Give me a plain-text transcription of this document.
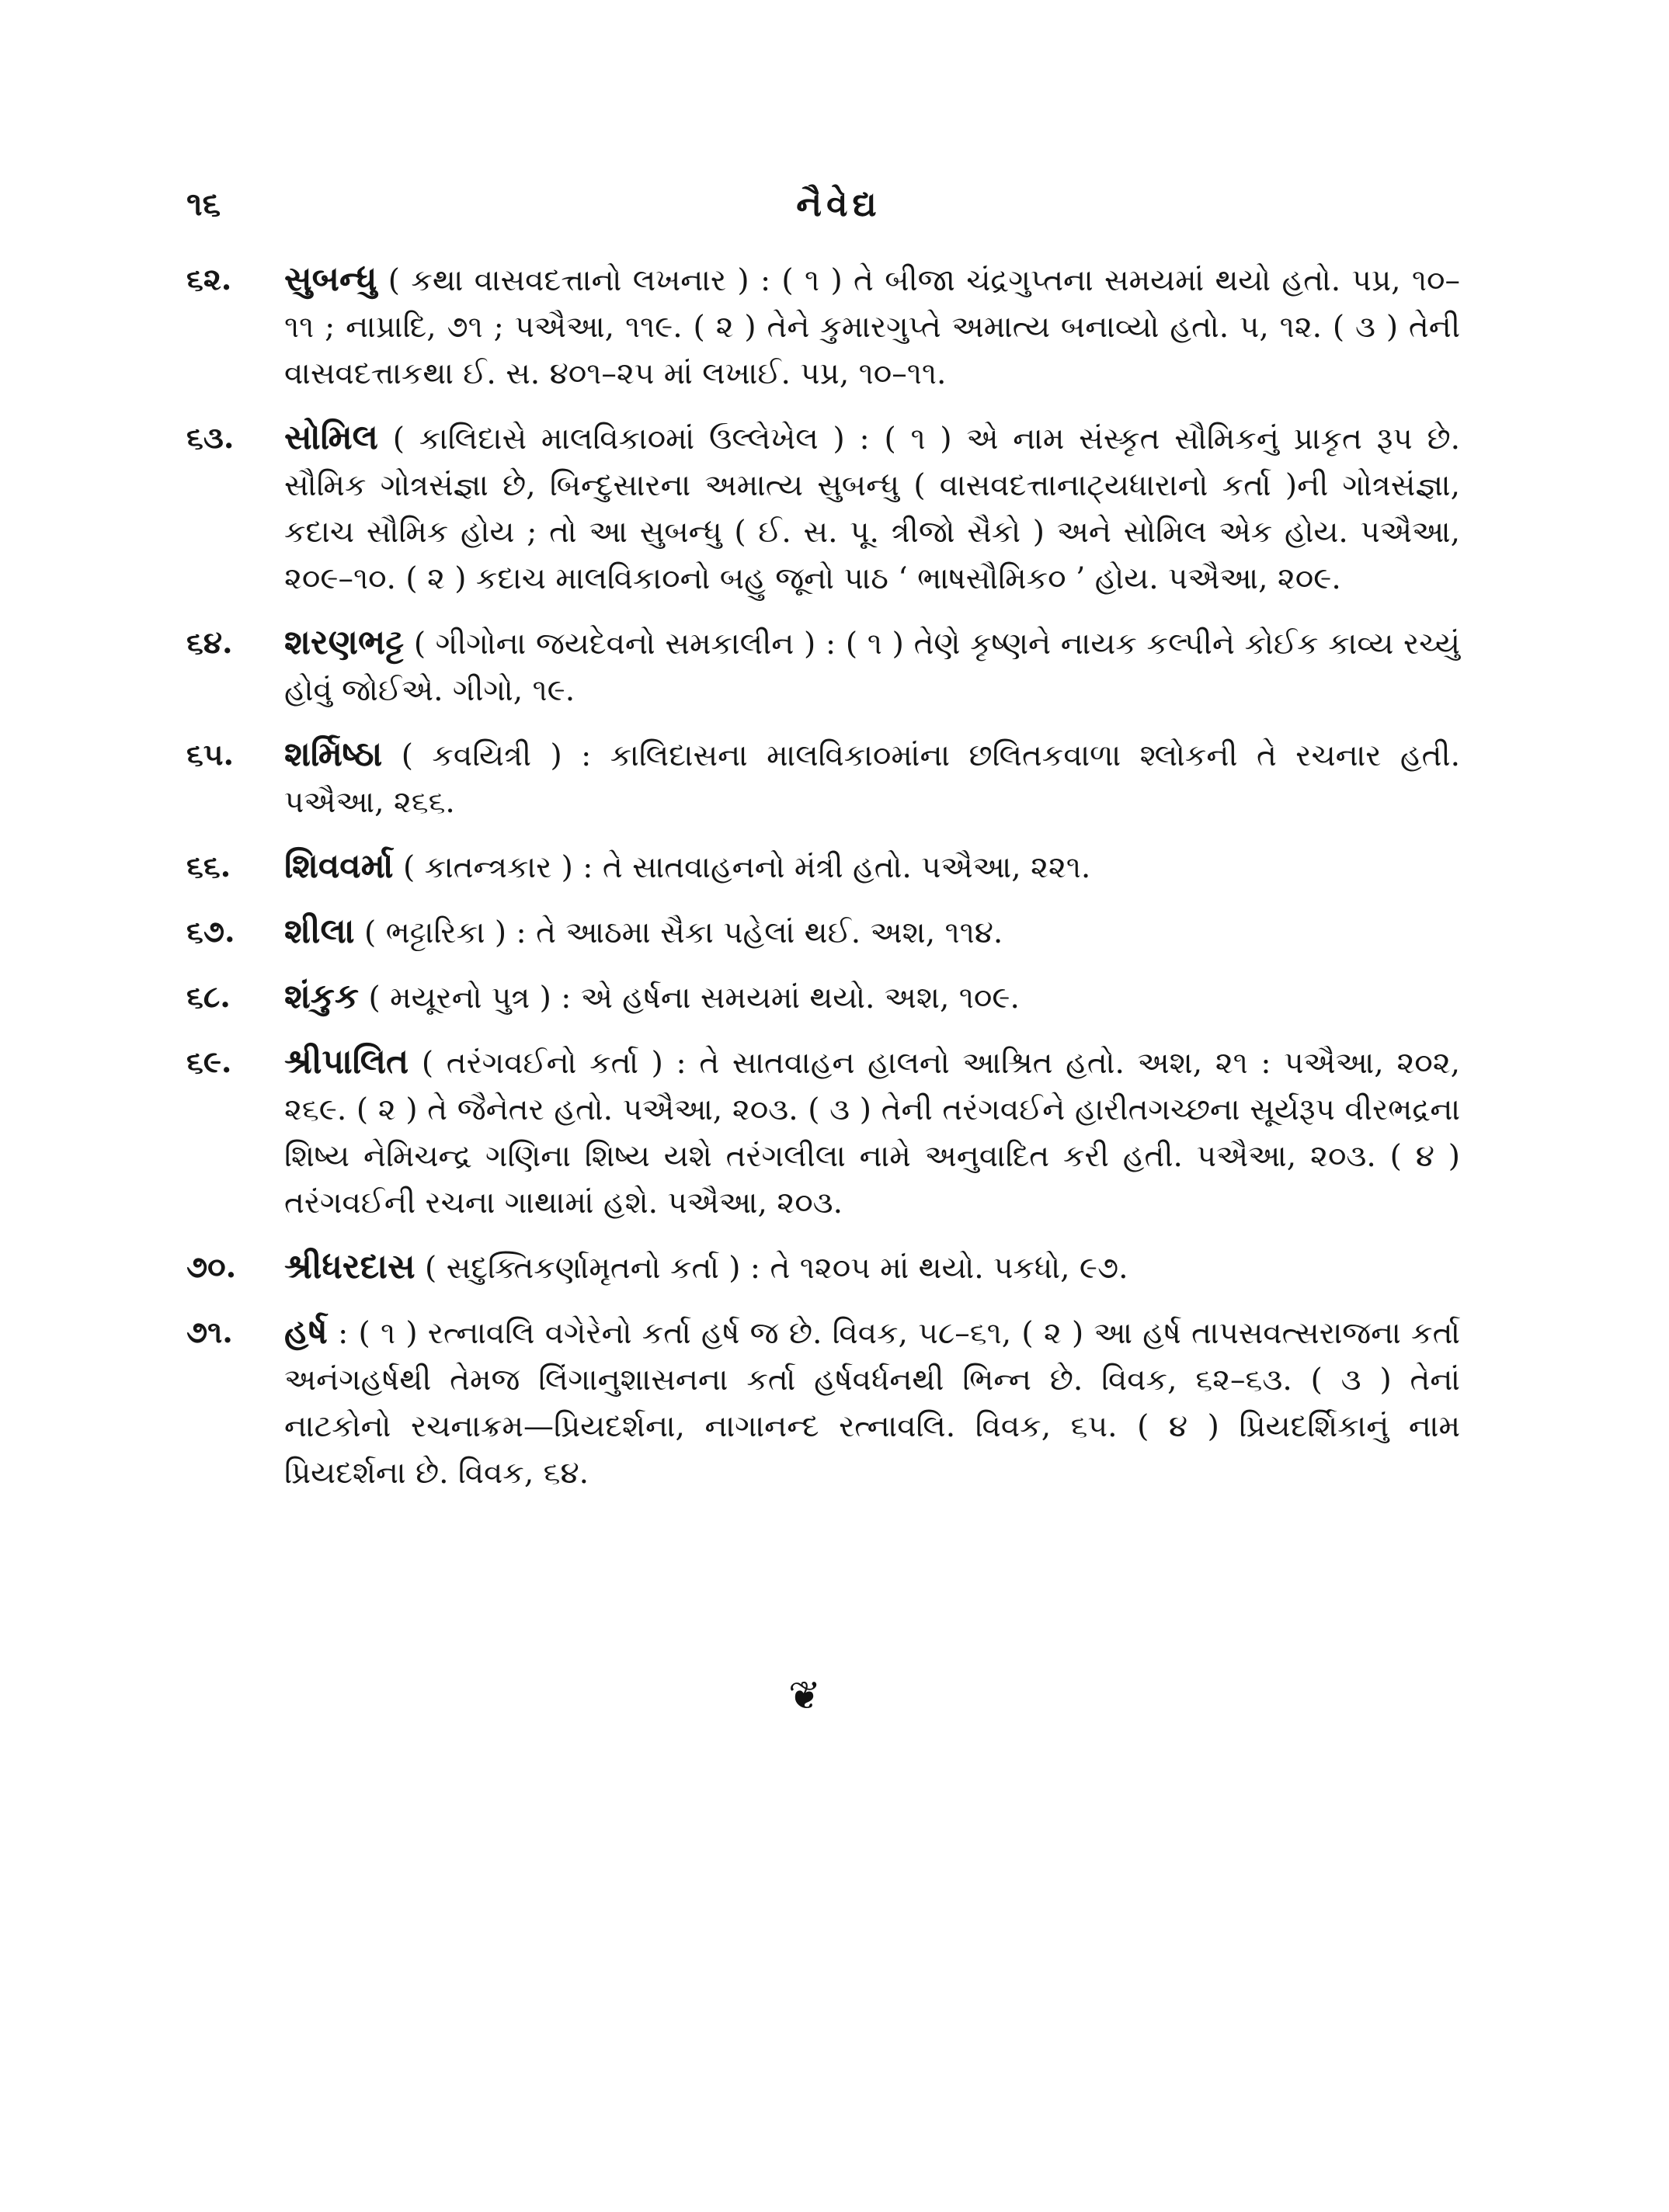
૧૬	નૈવેદ્ય
૬૨. સુબન્ધુ ( કથા વાસવદત્તાનો લખનાર ) : ( ૧ ) તે બીજા ચંદ્રગુપ્તના સમયમાં થયો હતો. પપ્ર, ૧૦–૧૧ ; નાપ્રાદિ, ૭૧ ; પઐઆ, ૧૧૯. ( ૨ ) તેને કુમારગુપ્તે અમાત્ય બનાવ્યો હતો. પ, ૧૨. ( ૩ ) તેની વાસવદત્તાકથા ઈ. સ. ૪૦૧–૨૫ માં લખાઈ. પપ્ર, ૧૦–૧૧.
૬૩. સોમિલ ( કાલિદાસે માલવિકા૦માં ઉલ્લેખેલ ) : ( ૧ ) એ નામ સંસ્કૃત સૌમિકનું પ્રાકૃત રૂપ છે. સૌમિક ગોત્રસંજ્ઞા છે, બિન્દુસારના અમાત્ય સુબન્ધુ ( વાસવદત્તાનાટ્યધારાનો કર્તા )ની ગોત્રસંજ્ઞા, કદાચ સૌમિક હોય ; તો આ સુબન્ધુ ( ઈ. સ. પૂ. ત્રીજો સૈકો ) અને સોમિલ એક હોય. પઐઆ, ૨૦૯–૧૦. ( ૨ ) કદાચ માલવિકા૦નો બહુ જૂનો પાઠ ‘ ભાષસૌમિક૦ ’ હોય. પઐઆ, ૨૦૯.
૬૪. શરણભટ્ટ ( ગીગોના જયદેવનો સમકાલીન ) : ( ૧ ) તેણે કૃષ્ણને નાયક કલ્પીને કોઈક કાવ્ય રચ્યું હોવું જોઈએ. ગીગો, ૧૯.
૬૫. શર્મિષ્ઠા ( કવયિત્રી ) : કાલિદાસના માલવિકા૦માંના છલિતકવાળા શ્લોકની તે રચનાર હતી. પઐઆ, ૨૬૬.
૬૬. શિવવર્મા ( કાતન્ત્રકાર ) : તે સાતવાહનનો મંત્રી હતો. પઐઆ, ૨૨૧.
૬૭. શીલા ( ભટ્ટારિકા ) : તે આઠમા સૈકા પહેલાં થઈ. અશ, ૧૧૪.
૬૮. શંકુક ( મયૂરનો પુત્ર ) : એ હર્ષના સમયમાં થયો. અશ, ૧૦૯.
૬૯. શ્રીપાલિત ( તરંગવઈનો કર્તા ) : તે સાતવાહન હાલનો આશ્રિત હતો. અશ, ૨૧ : પઐઆ, ૨૦૨, ૨૬૯. ( ૨ ) તે જૈનેતર હતો. પઐઆ, ૨૦૩. ( ૩ ) તેની તરંગવઈને હારીતગચ્છના સૂર્યરૂપ વીરભદ્રના શિષ્ય નેમિચન્દ્ર ગણિના શિષ્ય યશે તરંગલીલા નામે અનુવાદિત કરી હતી. પઐઆ, ૨૦૩. ( ૪ ) તરંગવઈની રચના ગાથામાં હશે. પઐઆ, ૨૦૩.
૭૦. શ્રીધરદાસ ( સદુક્તિકર્ણામૃતનો કર્તા ) : તે ૧૨૦૫ માં થયો. પકધો, ૯૭.
૭૧. હર્ષ : ( ૧ ) રત્નાવલિ વગેરેનો કર્તા હર્ષ જ છે. વિવક, ૫૮–૬૧, ( ૨ ) આ હર્ષ તાપસવત્સરાજના કર્તા અનંગહર્ષથી તેમજ લિંગાનુશાસનના કર્તા હર્ષવર્ધનથી ભિન્ન છે. વિવક, ૬૨–૬૩. ( ૩ ) તેનાં નાટકોનો રચનાક્રમ—પ્રિયદર્શના, નાગાનન્દ રત્નાવલિ. વિવક, ૬૫. ( ૪ ) પ્રિયદર્શિકાનું નામ પ્રિયદર્શના છે. વિવક, ૬૪.
❦
